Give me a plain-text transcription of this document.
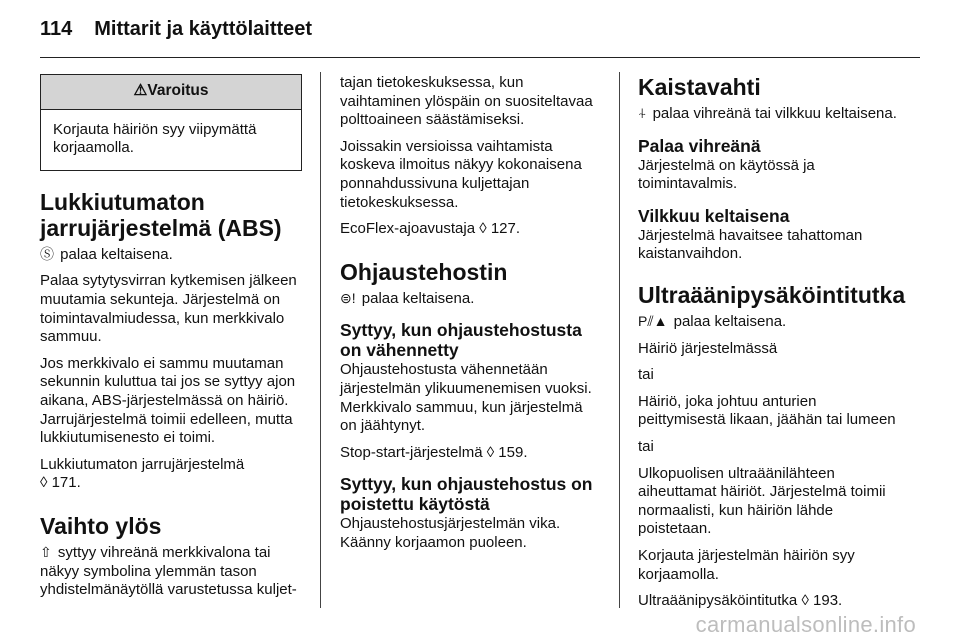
114 Mittarit ja käyttölaitteet
⚠Varoitus
Korjauta häiriön syy viipymättä korjaamolla.
Lukkiutumaton jarrujärjestelmä (ABS)

Ⓢ palaa keltaisena.

Palaa sytytysvirran kytkemisen jälkeen muutamia sekunteja. Järjestelmä on toimintavalmiudessa, kun merkkivalo sammuu.

Jos merkkivalo ei sammu muutaman sekunnin kuluttua tai jos se syttyy ajon aikana, ABS-järjestelmässä on häiriö. Jarrujärjestelmä toimii edelleen, mutta lukkiutumisenesto ei toimi.

Lukkiutumaton jarrujärjestelmä
◊ 171.

Vaihto ylös

⇧ syttyy vihreänä merkkivalona tai näkyy symbolina ylemmän tason yhdistelmänäytöllä varustetussa kuljet-

tajan tietokeskuksessa, kun vaihtaminen ylöspäin on suositeltavaa polttoaineen säästämiseksi.

Joissakin versioissa vaihtamista koskeva ilmoitus näkyy kokonaisena ponnahdussivuna kuljettajan tietokeskuksessa.

EcoFlex-ajoavustaja ◊ 127.

Ohjaustehostin

⊜! palaa keltaisena.

Syttyy, kun ohjaustehostusta on vähennetty

Ohjaustehostusta vähennetään järjestelmän ylikuumenemisen vuoksi. Merkkivalo sammuu, kun järjestelmä on jäähtynyt.

Stop-start-järjestelmä ◊ 159.

Syttyy, kun ohjaustehostus on poistettu käytöstä

Ohjaustehostusjärjestelmän vika. Käänny korjaamon puoleen.

Kaistavahti

⍭ palaa vihreänä tai vilkkuu keltaisena.

Palaa vihreänä

Järjestelmä on käytössä ja toimintavalmis.

Vilkkuu keltaisena

Järjestelmä havaitsee tahattoman kaistanvaihdon.

Ultraäänipysäköintitutka

P⫽▲ palaa keltaisena.

Häiriö järjestelmässä

tai

Häiriö, joka johtuu anturien peittymisestä likaan, jäähän tai lumeen

tai

Ulkopuolisen ultraäänilähteen aiheuttamat häiriöt. Järjestelmä toimii normaalisti, kun häiriön lähde poistetaan.

Korjauta järjestelmän häiriön syy korjaamolla.

Ultraäänipysäköintitutka ◊ 193.

carmanualsonline.info
